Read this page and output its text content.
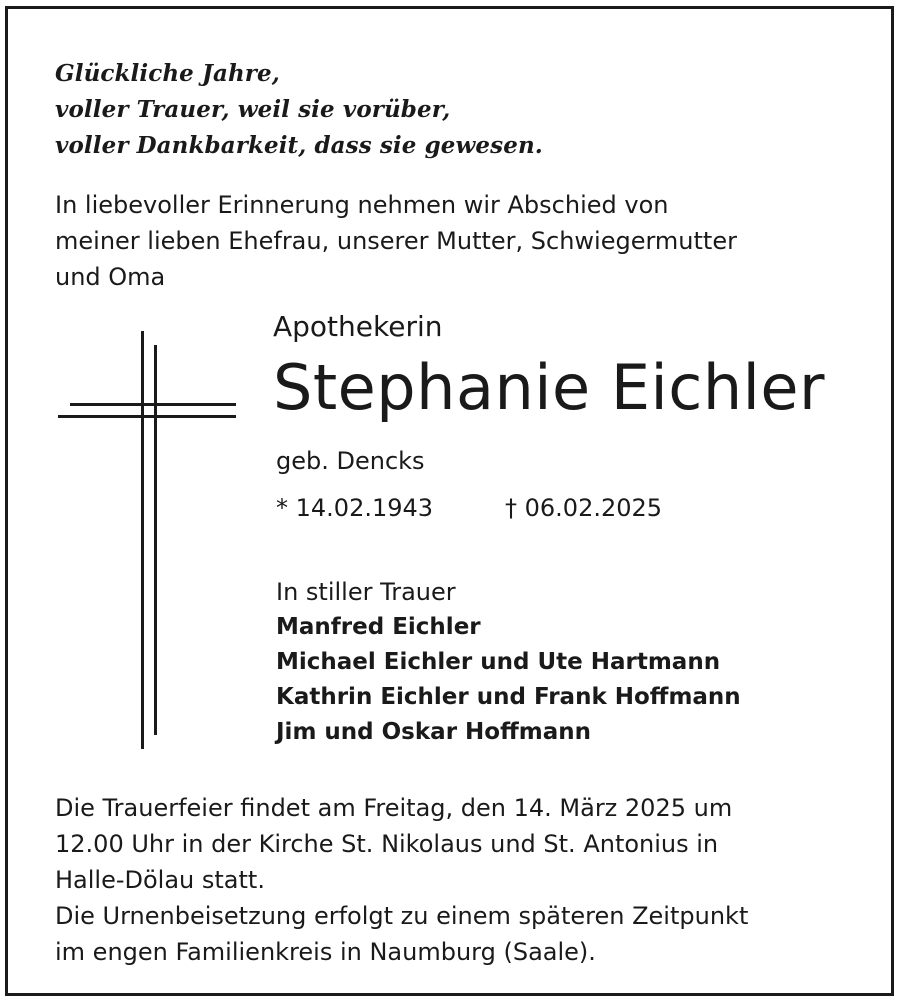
Glückliche Jahre,
voller Trauer, weil sie vorüber,
voller Dankbarkeit, dass sie gewesen.
In liebevoller Erinnerung nehmen wir Abschied von
meiner lieben Ehefrau, unserer Mutter, Schwiegermutter
und Oma
Apothekerin
Stephanie Eichler
geb. Dencks
* 14.02.1943	† 06.02.2025
In stiller Trauer
Manfred Eichler
Michael Eichler und Ute Hartmann
Kathrin Eichler und Frank Hoffmann
Jim und Oskar Hoffmann
Die Trauerfeier findet am Freitag, den 14. März 2025 um
12.00 Uhr in der Kirche St. Nikolaus und St. Antonius in
Halle-Dölau statt.
Die Urnenbeisetzung erfolgt zu einem späteren Zeitpunkt
im engen Familienkreis in Naumburg (Saale).
